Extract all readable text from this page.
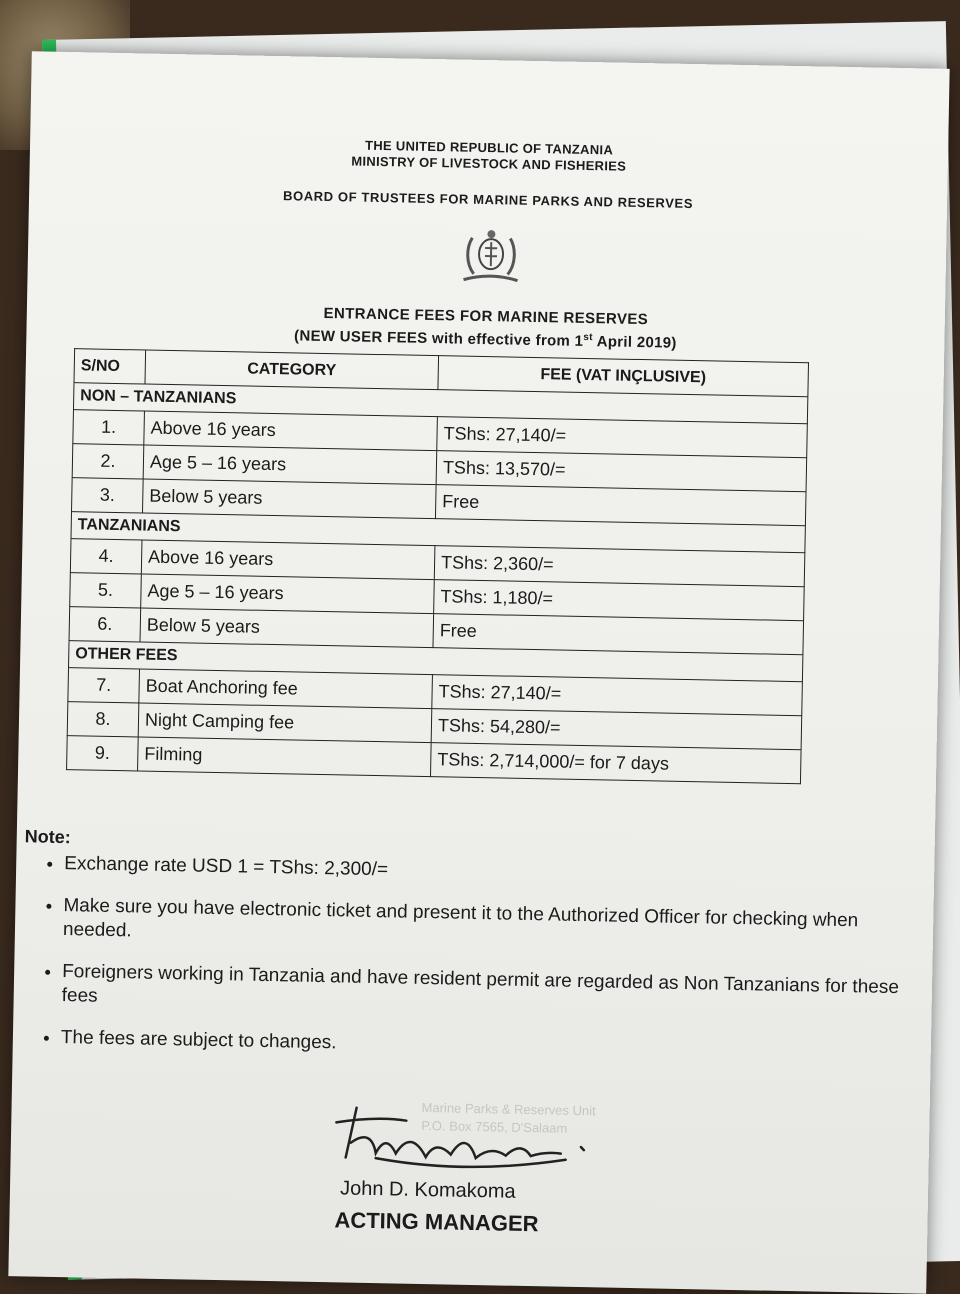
THE UNITED REPUBLIC OF TANZANIA
MINISTRY OF LIVESTOCK AND FISHERIES
BOARD OF TRUSTEES FOR MARINE PARKS AND RESERVES
ENTRANCE FEES FOR MARINE RESERVES
(NEW USER FEES with effective from 1st April 2019)
S/NO	CATEGORY	FEE (VAT INÇLUSIVE)
NON – TANZANIANS		
1.	Above 16 years	TShs: 27,140/=
2.	Age 5 – 16 years	TShs: 13,570/=
3.	Below 5 years	Free
TANZANIANS		
4.	Above 16 years	TShs: 2,360/=
5.	Age 5 – 16 years	TShs: 1,180/=
6.	Below 5 years	Free
OTHER FEES		
7.	Boat Anchoring fee	TShs: 27,140/=
8.	Night Camping fee	TShs: 54,280/=
9.	Filming	TShs: 2,714,000/= for 7 days
Note:
• Exchange rate USD 1 = TShs: 2,300/=
• Make sure you have electronic ticket and present it to the Authorized Officer for checking when needed.
• Foreigners working in Tanzania and have resident permit are regarded as Non Tanzanians for these fees
• The fees are subject to changes.
Marine Parks & Reserves Unit
P.O. Box 7565, D'Salaam
John D. Komakoma
ACTING MANAGER
